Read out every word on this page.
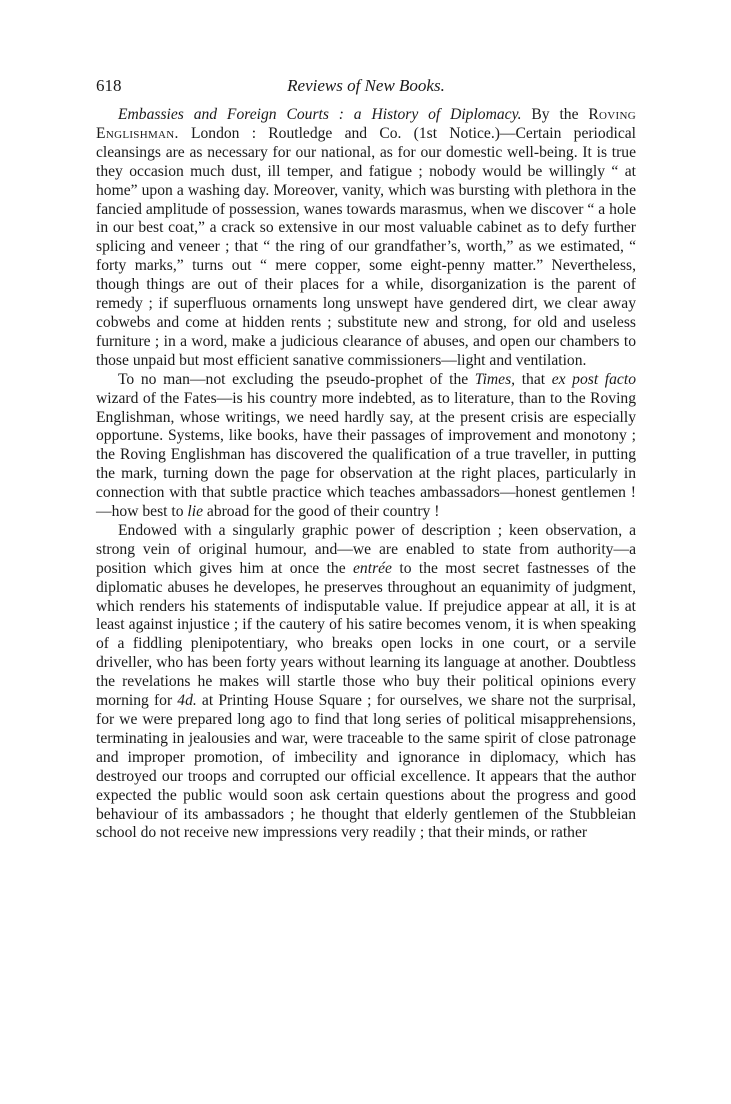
618	Reviews of New Books.

Embassies and Foreign Courts : a History of Diplomacy. By the Roving Englishman. London : Routledge and Co. (1st Notice.)—Certain periodical cleansings are as necessary for our national, as for our domestic well-being. It is true they occasion much dust, ill temper, and fatigue ; nobody would be willingly “ at home” upon a washing day. Moreover, vanity, which was bursting with plethora in the fancied amplitude of possession, wanes towards marasmus, when we discover “ a hole in our best coat,” a crack so extensive in our most valuable cabinet as to defy further splicing and veneer ; that “ the ring of our grandfather’s, worth,” as we estimated, “ forty marks,” turns out “ mere copper, some eight-penny matter.” Nevertheless, though things are out of their places for a while, disorganization is the parent of remedy ; if superfluous ornaments long unswept have gendered dirt, we clear away cobwebs and come at hidden rents ; substitute new and strong, for old and useless furniture ; in a word, make a judicious clearance of abuses, and open our chambers to those unpaid but most efficient sanative commissioners—light and ventilation.

To no man—not excluding the pseudo-prophet of the Times, that ex post facto wizard of the Fates—is his country more indebted, as to literature, than to the Roving Englishman, whose writings, we need hardly say, at the present crisis are especially opportune. Systems, like books, have their passages of improvement and monotony ; the Roving Englishman has discovered the qualification of a true traveller, in putting the mark, turning down the page for observation at the right places, particularly in connection with that subtle practice which teaches ambassadors—honest gentlemen !—how best to lie abroad for the good of their country !

Endowed with a singularly graphic power of description ; keen observation, a strong vein of original humour, and—we are enabled to state from authority—a position which gives him at once the entrée to the most secret fastnesses of the diplomatic abuses he developes, he preserves throughout an equanimity of judgment, which renders his statements of indisputable value. If prejudice appear at all, it is at least against injustice ; if the cautery of his satire becomes venom, it is when speaking of a fiddling plenipotentiary, who breaks open locks in one court, or a servile driveller, who has been forty years without learning its language at another. Doubtless the revelations he makes will startle those who buy their political opinions every morning for 4d. at Printing House Square ; for ourselves, we share not the surprisal, for we were prepared long ago to find that long series of political misapprehensions, terminating in jealousies and war, were traceable to the same spirit of close patronage and improper promotion, of imbecility and ignorance in diplomacy, which has destroyed our troops and corrupted our official excellence. It appears that the author expected the public would soon ask certain questions about the progress and good behaviour of its ambassadors ; he thought that elderly gentlemen of the Stubbleian school do not receive new impressions very readily ; that their minds, or rather
